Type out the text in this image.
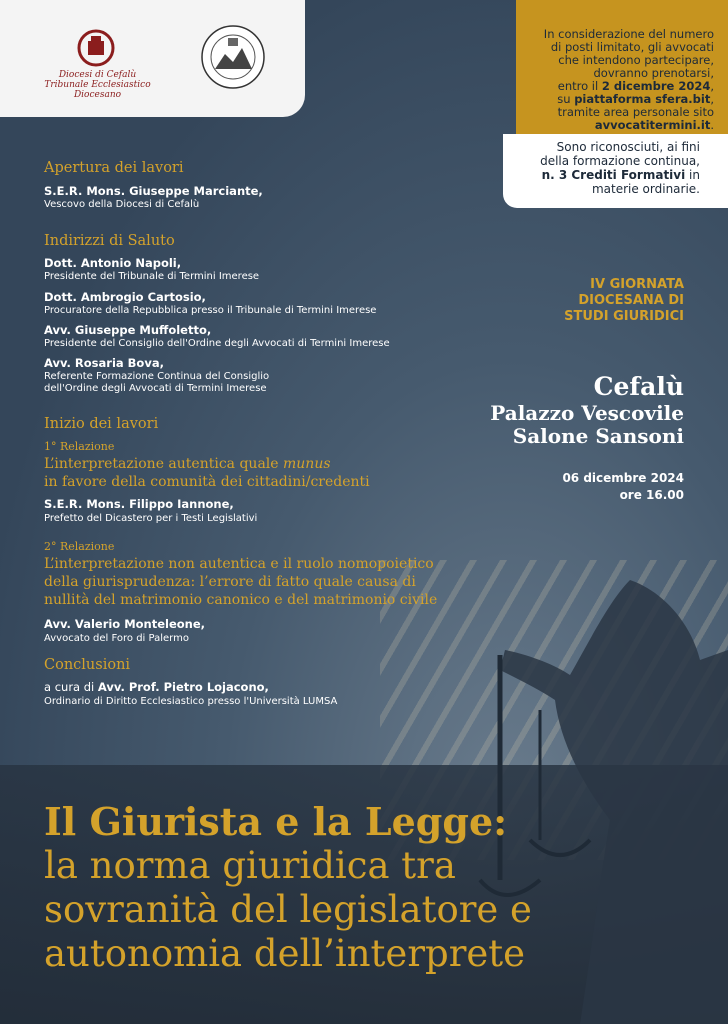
Diocesi di Cefalù
Tribunale Ecclesiastico
Diocesano
In considerazione del numero
di posti limitato, gli avvocati
che intendono partecipare,
dovranno prenotarsi,
entro il 2 dicembre 2024,
su piattaforma sfera.bit,
tramite area personale sito
avvocatitermini.it.
Sono riconosciuti, ai fini
della formazione continua,
n. 3 Crediti Formativi in
materie ordinarie.
Apertura dei lavori
S.E.R. Mons. Giuseppe Marciante,
Vescovo della Diocesi di Cefalù
Indirizzi di Saluto
Dott. Antonio Napoli,
Presidente del Tribunale di Termini Imerese
Dott. Ambrogio Cartosio,
Procuratore della Repubblica presso il Tribunale di Termini Imerese
Avv. Giuseppe Muffoletto,
Presidente del Consiglio dell'Ordine degli Avvocati di Termini Imerese
Avv. Rosaria Bova,
Referente Formazione Continua del Consiglio
dell'Ordine degli Avvocati di Termini Imerese
Inizio dei lavori
1° Relazione
L’interpretazione autentica quale munus
in favore della comunità dei cittadini/credenti
S.E.R. Mons. Filippo Iannone,
Prefetto del Dicastero per i Testi Legislativi
2° Relazione
L’interpretazione non autentica e il ruolo nomopoietico
della giurisprudenza: l’errore di fatto quale causa di
nullità del matrimonio canonico e del matrimonio civile
Avv. Valerio Monteleone,
Avvocato del Foro di Palermo
Conclusioni
a cura di Avv. Prof. Pietro Lojacono,
Ordinario di Diritto Ecclesiastico presso l'Università LUMSA
IV GIORNATA
DIOCESANA DI
STUDI GIURIDICI
Cefalù
Palazzo Vescovile
Salone Sansoni
06 dicembre 2024
ore 16.00
Il Giurista e la Legge:
la norma giuridica tra
sovranità del legislatore e
autonomia dell’interprete
